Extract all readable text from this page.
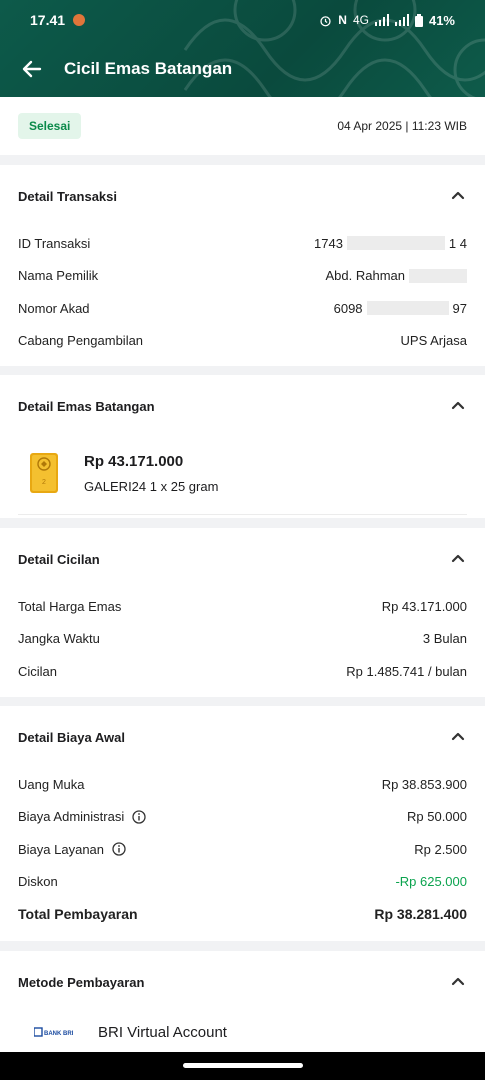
17.41	N 4G	41%
Cicil Emas Batangan
Selesai	04 Apr 2025 | 11:23 WIB
Detail Transaksi
ID Transaksi	1743	1 4
Nama Pemilik	Abd. Rahman
Nomor Akad	6098	97
Cabang Pengambilan	UPS Arjasa
Detail Emas Batangan
2
Rp 43.171.000
GALERI24 1 x 25 gram
Detail Cicilan
Total Harga Emas	Rp 43.171.000
Jangka Waktu	3 Bulan
Cicilan	Rp 1.485.741 / bulan
Detail Biaya Awal
Uang Muka	Rp 38.853.900
Biaya Administrasi	Rp 50.000
Biaya Layanan	Rp 2.500
Diskon	-Rp 625.000
Total Pembayaran	Rp 38.281.400
Metode Pembayaran
BANK BRI BRI Virtual Account
